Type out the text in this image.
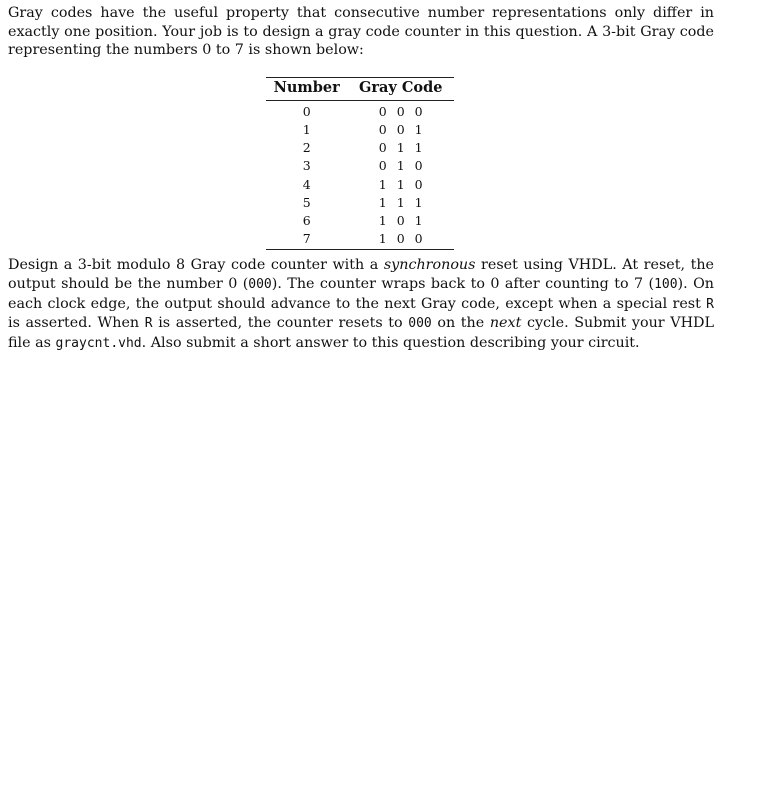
Gray codes have the useful property that consecutive number representations only differ in exactly one position. Your job is to design a gray code counter in this question. A 3-bit Gray code representing the numbers 0 to 7 is shown below:

Number	Gray Code
0	0 0 0
1	0 0 1
2	0 1 1
3	0 1 0
4	1 1 0
5	1 1 1
6	1 0 1
7	1 0 0

Design a 3-bit modulo 8 Gray code counter with a synchronous reset using VHDL. At reset, the output should be the number 0 (000). The counter wraps back to 0 after counting to 7 (100). On each clock edge, the output should advance to the next Gray code, except when a special rest R is asserted. When R is asserted, the counter resets to 000 on the next cycle. Submit your VHDL file as graycnt.vhd. Also submit a short answer to this question describing your circuit.
